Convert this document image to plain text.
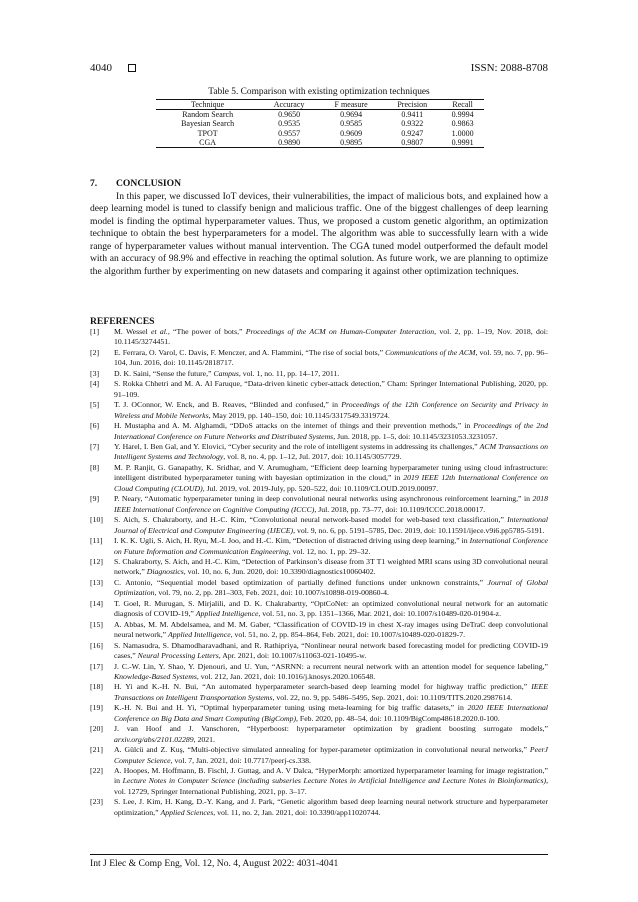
4040	ISSN: 2088-8708
Table 5. Comparison with existing optimization techniques
Technique	Accuracy	F measure	Precision	Recall
Random Search	0.9650	0.9694	0.9411	0.9994
Bayesian Search	0.9535	0.9585	0.9322	0.9863
TPOT	0.9557	0.9609	0.9247	1.0000
CGA	0.9890	0.9895	0.9807	0.9991
7. CONCLUSION

In this paper, we discussed IoT devices, their vulnerabilities, the impact of malicious bots, and explained how a deep learning model is tuned to classify benign and malicious traffic. One of the biggest challenges of deep learning model is finding the optimal hyperparameter values. Thus, we proposed a custom genetic algorithm, an optimization technique to obtain the best hyperparameters for a model. The algorithm was able to successfully learn with a wide range of hyperparameter values without manual intervention. The CGA tuned model outperformed the default model with an accuracy of 98.9% and effective in reaching the optimal solution. As future work, we are planning to optimize the algorithm further by experimenting on new datasets and comparing it against other optimization techniques.

REFERENCES
[1] M. Wessel et al., “The power of bots,” Proceedings of the ACM on Human-Computer Interaction, vol. 2, pp. 1–19, Nov. 2018, doi: 10.1145/3274451.
[2] E. Ferrara, O. Varol, C. Davis, F. Menczer, and A. Flammini, “The rise of social bots,” Communications of the ACM, vol. 59, no. 7, pp. 96–104, Jun. 2016, doi: 10.1145/2818717.
[3] D. K. Saini, “Sense the future,” Campus, vol. 1, no. 11, pp. 14–17, 2011.
[4] S. Rokka Chhetri and M. A. Al Faruque, “Data-driven kinetic cyber-attack detection,” Cham: Springer International Publishing, 2020, pp. 91–109.
[5] T. J. OConnor, W. Enck, and B. Reaves, “Blinded and confused,” in Proceedings of the 12th Conference on Security and Privacy in Wireless and Mobile Networks, May 2019, pp. 140–150, doi: 10.1145/3317549.3319724.
[6] H. Mustapha and A. M. Alghamdi, “DDoS attacks on the internet of things and their prevention methods,” in Proceedings of the 2nd International Conference on Future Networks and Distributed Systems, Jun. 2018, pp. 1–5, doi: 10.1145/3231053.3231057.
[7] Y. Harel, I. Ben Gal, and Y. Elovici, “Cyber security and the role of intelligent systems in addressing its challenges,” ACM Transactions on Intelligent Systems and Technology, vol. 8, no. 4, pp. 1–12, Jul. 2017, doi: 10.1145/3057729.
[8] M. P. Ranjit, G. Ganapathy, K. Sridhar, and V. Arumugham, “Efficient deep learning hyperparameter tuning using cloud infrastructure: intelligent distributed hyperparameter tuning with bayesian optimization in the cloud,” in 2019 IEEE 12th International Conference on Cloud Computing (CLOUD), Jul. 2019, vol. 2019-July, pp. 520–522, doi: 10.1109/CLOUD.2019.00097.
[9] P. Neary, “Automatic hyperparameter tuning in deep convolutional neural networks using asynchronous reinforcement learning,” in 2018 IEEE International Conference on Cognitive Computing (ICCC), Jul. 2018, pp. 73–77, doi: 10.1109/ICCC.2018.00017.
[10] S. Aich, S. Chakraborty, and H.-C. Kim, “Convolutional neural network-based model for web-based text classification,” International Journal of Electrical and Computer Engineering (IJECE), vol. 9, no. 6, pp. 5191–5785, Dec. 2019, doi: 10.11591/ijece.v9i6.pp5785-5191.
[11] I. K. K. Ugli, S. Aich, H. Ryu, M.-I. Joo, and H.-C. Kim, “Detection of distracted driving using deep learning,” in International Conference on Future Information and Communication Engineering, vol. 12, no. 1, pp. 29–32.
[12] S. Chakraborty, S. Aich, and H.-C. Kim, “Detection of Parkinson’s disease from 3T T1 weighted MRI scans using 3D convolutional neural network,” Diagnostics, vol. 10, no. 6, Jun. 2020, doi: 10.3390/diagnostics10060402.
[13] C. Antonio, “Sequential model based optimization of partially defined functions under unknown constraints,” Journal of Global Optimization, vol. 79, no. 2, pp. 281–303, Feb. 2021, doi: 10.1007/s10898-019-00860-4.
[14] T. Goel, R. Murugan, S. Mirjalili, and D. K. Chakrabartty, “OptCoNet: an optimized convolutional neural network for an automatic diagnosis of COVID-19,” Applied Intelligence, vol. 51, no. 3, pp. 1351–1366, Mar. 2021, doi: 10.1007/s10489-020-01904-z.
[15] A. Abbas, M. M. Abdelsamea, and M. M. Gaber, “Classification of COVID-19 in chest X-ray images using DeTraC deep convolutional neural network,” Applied Intelligence, vol. 51, no. 2, pp. 854–864, Feb. 2021, doi: 10.1007/s10489-020-01829-7.
[16] S. Namasudra, S. Dhamodharavadhani, and R. Rathipriya, “Nonlinear neural network based forecasting model for predicting COVID-19 cases,” Neural Processing Letters, Apr. 2021, doi: 10.1007/s11063-021-10495-w.
[17] J. C.-W. Lin, Y. Shao, Y. Djenouri, and U. Yun, “ASRNN: a recurrent neural network with an attention model for sequence labeling,” Knowledge-Based Systems, vol. 212, Jan. 2021, doi: 10.1016/j.knosys.2020.106548.
[18] H. Yi and K.-H. N. Bui, “An automated hyperparameter search-based deep learning model for highway traffic prediction,” IEEE Transactions on Intelligent Transportation Systems, vol. 22, no. 9, pp. 5486–5495, Sep. 2021, doi: 10.1109/TITS.2020.2987614.
[19] K.-H. N. Bui and H. Yi, “Optimal hyperparameter tuning using meta-learning for big traffic datasets,” in 2020 IEEE International Conference on Big Data and Smart Computing (BigComp), Feb. 2020, pp. 48–54, doi: 10.1109/BigComp48618.2020.0-100.
[20] J. van Hoof and J. Vanschoren, “Hyperboost: hyperparameter optimization by gradient boosting surrogate models,” arxiv.org/abs/2101.02289, 2021.
[21] A. Gülcü and Z. Kuş, “Multi-objective simulated annealing for hyper-parameter optimization in convolutional neural networks,” PeerJ Computer Science, vol. 7, Jan. 2021, doi: 10.7717/peerj-cs.338.
[22] A. Hoopes, M. Hoffmann, B. Fischl, J. Guttag, and A. V Dalca, “HyperMorph: amortized hyperparameter learning for image registration,” in Lecture Notes in Computer Science (including subseries Lecture Notes in Artificial Intelligence and Lecture Notes in Bioinformatics), vol. 12729, Springer International Publishing, 2021, pp. 3–17.
[23] S. Lee, J. Kim, H. Kang, D.-Y. Kang, and J. Park, “Genetic algorithm based deep learning neural network structure and hyperparameter optimization,” Applied Sciences, vol. 11, no. 2, Jan. 2021, doi: 10.3390/app11020744.
Int J Elec & Comp Eng, Vol. 12, No. 4, August 2022: 4031-4041
